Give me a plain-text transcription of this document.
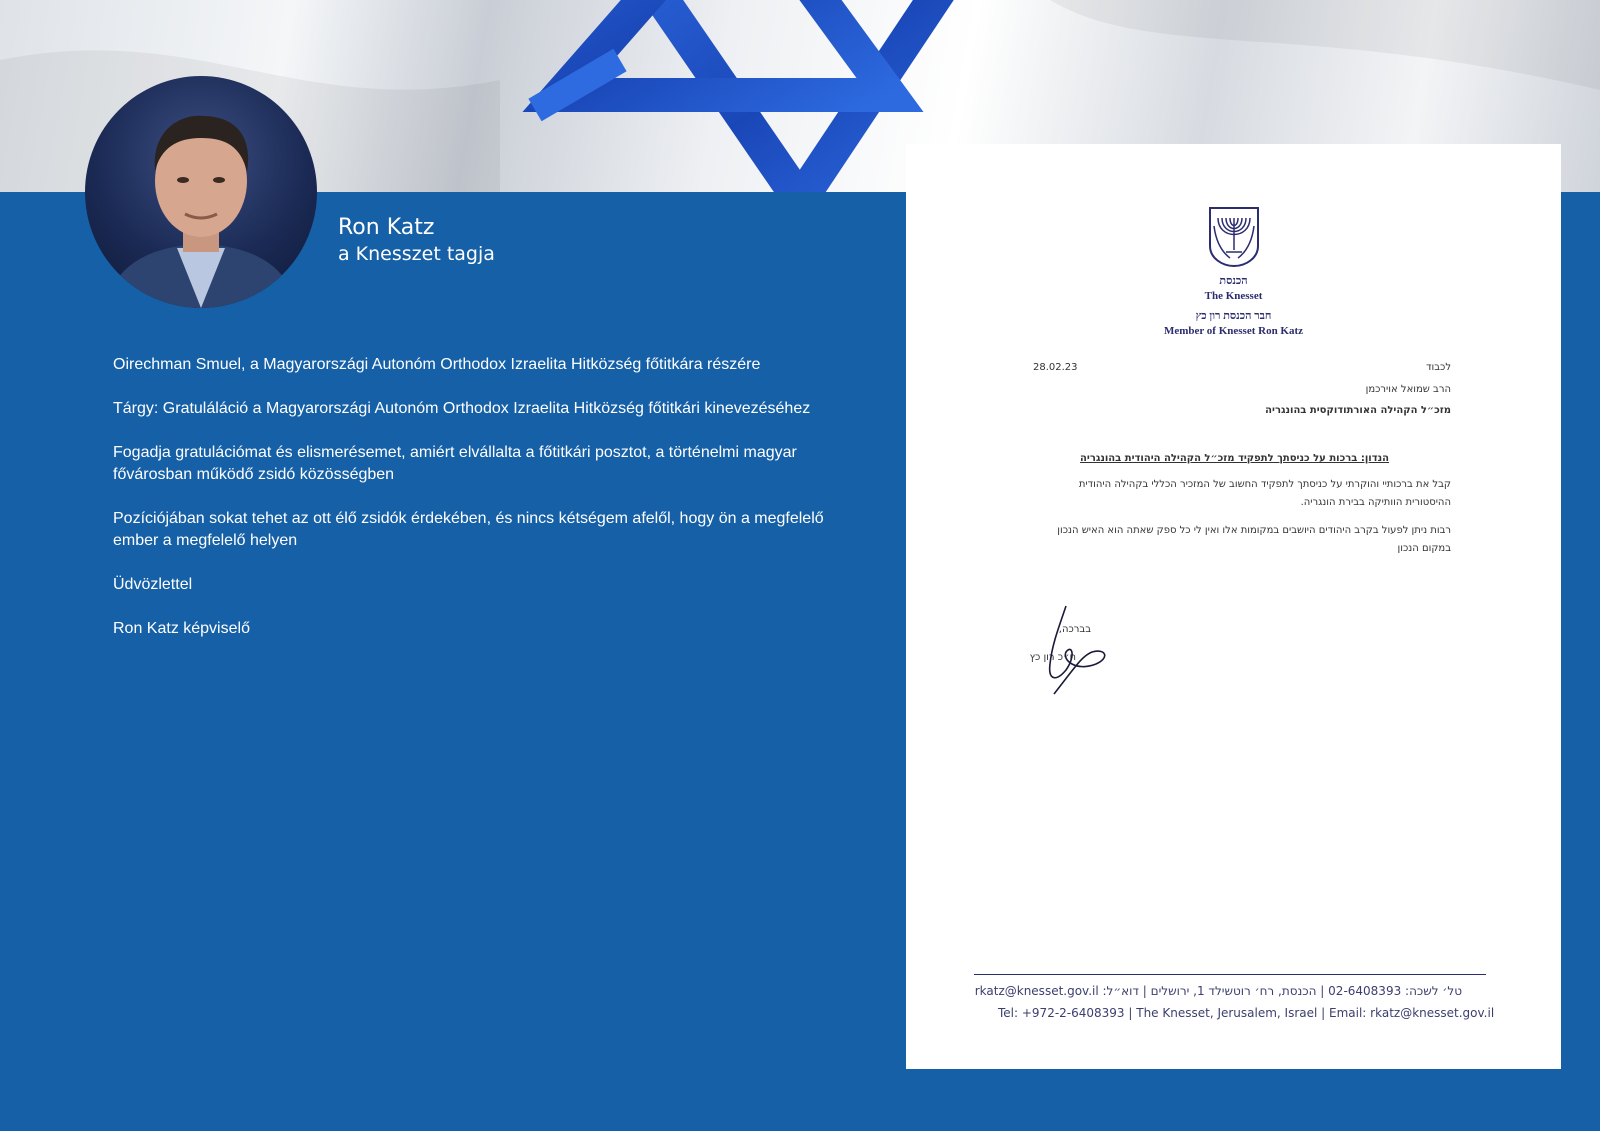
Ron Katz
a Knesszet tagja

Oirechman Smuel, a Magyarországi Autonóm Orthodox Izraelita Hitközség főtitkára részére

Tárgy: Gratuláláció a Magyarországi Autonóm Orthodox Izraelita Hitközség főtitkári kinevezéséhez

Fogadja gratulációmat és elismerésemet, amiért elvállalta a főtitkári posztot, a történelmi magyar fővárosban működő zsidó közösségben

Pozíciójában sokat tehet az ott élő zsidók érdekében, és nincs kétségem afelől, hogy ön a megfelelő ember a megfelelő helyen

Üdvözlettel

Ron Katz képviselő

הכנסת
The Knesset
חבר הכנסת רון כץ
Member of Knesset Ron Katz
28.02.23	לכבוד
הרב שמואל אוירכמן
מזכ״ל הקהילה האורתודוקסית בהונגריה
הנדון: ברכות על כניסתך לתפקיד מזכ״ל הקהילה היהודית בהונגריה
קבל את ברכותיי והוקרתי על כניסתך לתפקיד החשוב של המזכיר הכללי בקהילה היהודית
ההיסטורית הוותיקה בבירת הונגריה.
רבות ניתן לפעול בקרב היהודים היושבים במקומות אלו ואין לי כל ספק שאתה הוא האיש הנכון
במקום הנכון
בברכה,
ח״כ רון כץ
טל׳ לשכה: 02-6408393 | הכנסת, רח׳ רוטשילד 1, ירושלים | דוא״ל: rkatz@knesset.gov.il
Tel: +972-2-6408393 | The Knesset, Jerusalem, Israel | Email: rkatz@knesset.gov.il
